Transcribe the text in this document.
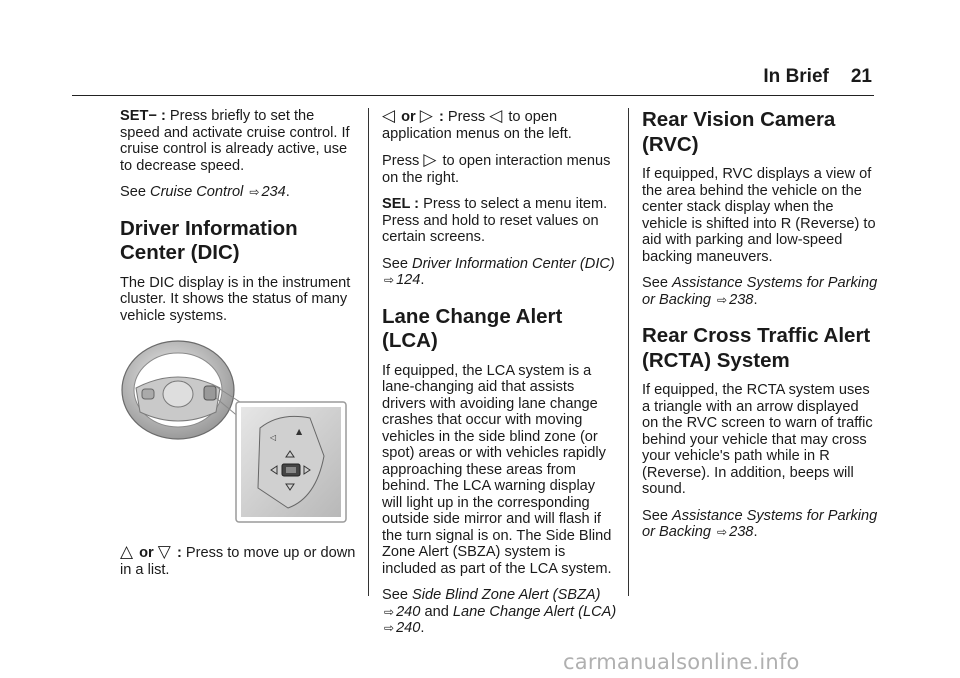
In Brief 21

SET− : Press briefly to set the speed and activate cruise control. If cruise control is already active, use to decrease speed.

See Cruise Control ⇨ 234.

Driver Information Center (DIC)

The DIC display is in the instrument cluster. It shows the status of many vehicle systems.

◁
▲

△ or ▽ : Press to move up or down in a list.

◁ or ▷ : Press ◁ to open application menus on the left.

Press ▷ to open interaction menus on the right.

SEL : Press to select a menu item. Press and hold to reset values on certain screens.

See Driver Information Center (DIC) ⇨ 124.

Lane Change Alert (LCA)

If equipped, the LCA system is a lane-changing aid that assists drivers with avoiding lane change crashes that occur with moving vehicles in the side blind zone (or spot) areas or with vehicles rapidly approaching these areas from behind. The LCA warning display will light up in the corresponding outside side mirror and will flash if the turn signal is on. The Side Blind Zone Alert (SBZA) system is included as part of the LCA system.

See Side Blind Zone Alert (SBZA) ⇨ 240 and Lane Change Alert (LCA) ⇨ 240.

Rear Vision Camera (RVC)

If equipped, RVC displays a view of the area behind the vehicle on the center stack display when the vehicle is shifted into R (Reverse) to aid with parking and low-speed backing maneuvers.

See Assistance Systems for Parking or Backing ⇨ 238.

Rear Cross Traffic Alert (RCTA) System

If equipped, the RCTA system uses a triangle with an arrow displayed on the RVC screen to warn of traffic behind your vehicle that may cross your vehicle's path while in R (Reverse). In addition, beeps will sound.

See Assistance Systems for Parking or Backing ⇨ 238.

carmanualsonline.info
